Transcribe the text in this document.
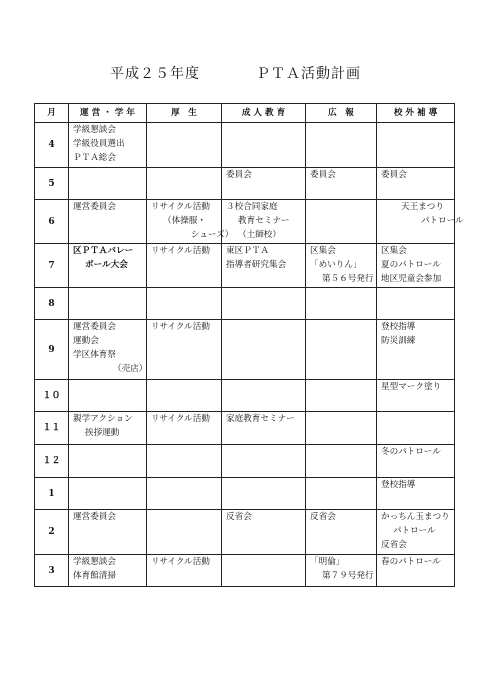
平成２５年度	ＰＴＡ活動計画
月	運 営 ・ 学 年	厚　生	成 人 教 育	広　報	校 外 補 導
4	学級懇談会
学級役員選出
ＰＴＡ総会				

5			委員会	委員会	委員会

6	運営委員会	リサイクル活動
（体操服・
シューズ）	３校合同家庭
教育セミナー
（土師校）		天王まつり
パトロール

7	区ＰＴＡバレー
ボール大会	リサイクル活動	東区ＰＴＡ
指導者研究集会	区集会
「めいりん」
第５６号発行	区集会
夏のパトロール
地区児童会参加

8					
9	運営委員会
運動会
学区体育祭
（売店）	リサイクル活動			登校指導
防災訓練

１０					星型マーク塗り

１１	親学アクション
挨拶運動	リサイクル活動	家庭教育セミナー		

１２					冬のパトロール

1					登校指導

2	運営委員会		反省会	反省会	かっちん玉まつり
パトロール
反省会

3	学級懇談会
体育館清掃	リサイクル活動		「明倫」
第７９号発行	春のパトロール
